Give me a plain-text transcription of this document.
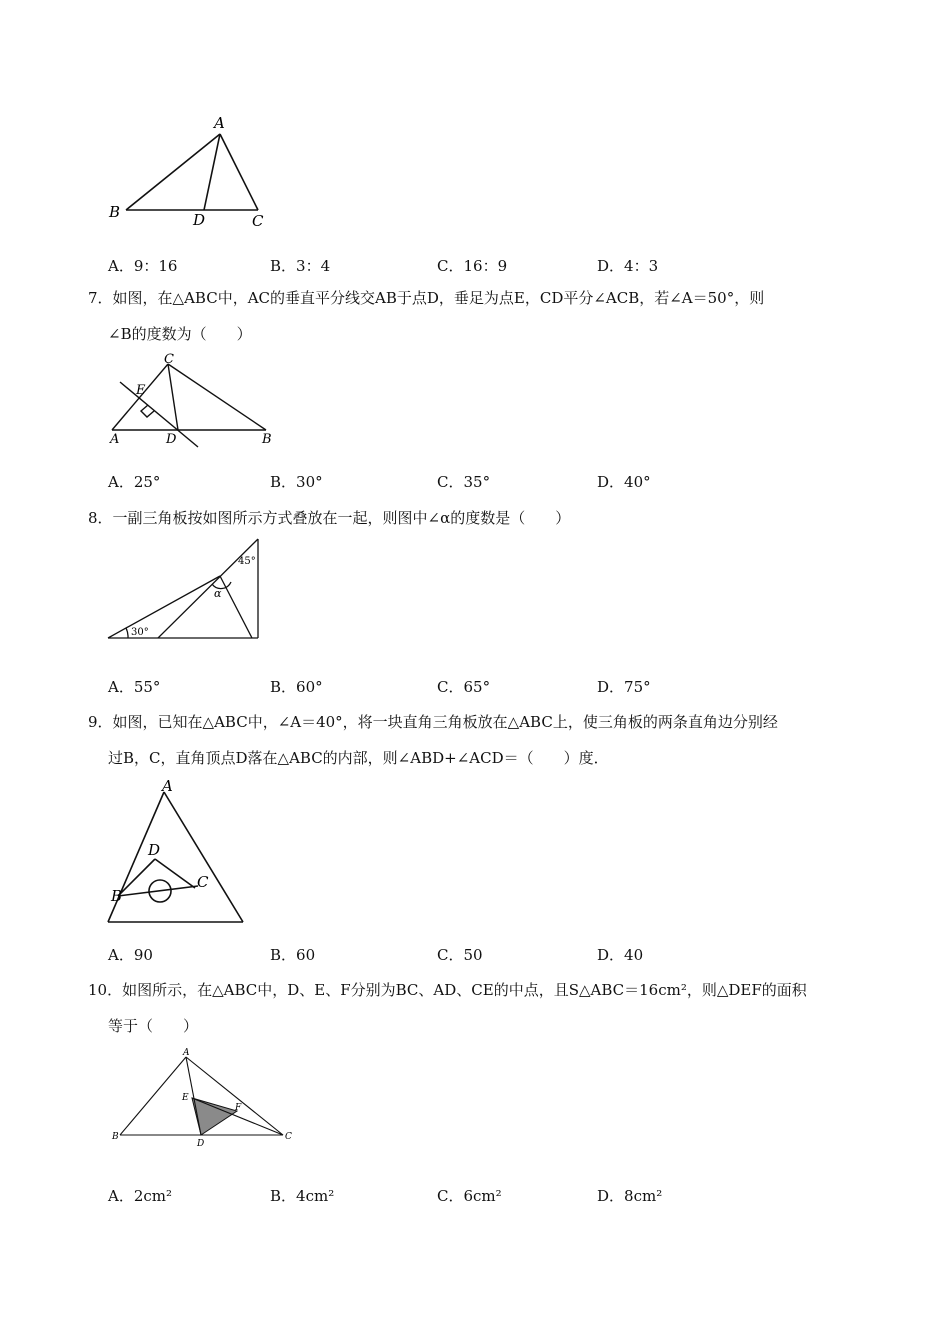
A
B	D	C
A．9：16	B．3：4	C．16：9	D．4：3
7．如图，在△ABC中，AC的垂直平分线交AB于点D，垂足为点E，CD平分∠ACB，若∠A＝50°，则
∠B的度数为（　　）
C
E
A	D	B
A．25°	B．30°	C．35°	D．40°
8．一副三角板按如图所示方式叠放在一起，则图中∠α的度数是（　　）
45°
α
30°
A．55°	B．60°	C．65°	D．75°
9．如图，已知在△ABC中，∠A＝40°，将一块直角三角板放在△ABC上，使三角板的两条直角边分别经
过B，C，直角顶点D落在△ABC的内部，则∠ABD+∠ACD＝（　　）度．
A
D
B
C
A．90	B．60	C．50	D．40
10．如图所示，在△ABC中，D、E、F分别为BC、AD、CE的中点，且S△ABC＝16cm²，则△DEF的面积
等于（　　）
A
E
F
B
D
C
A．2cm²	B．4cm²	C．6cm²	D．8cm²
